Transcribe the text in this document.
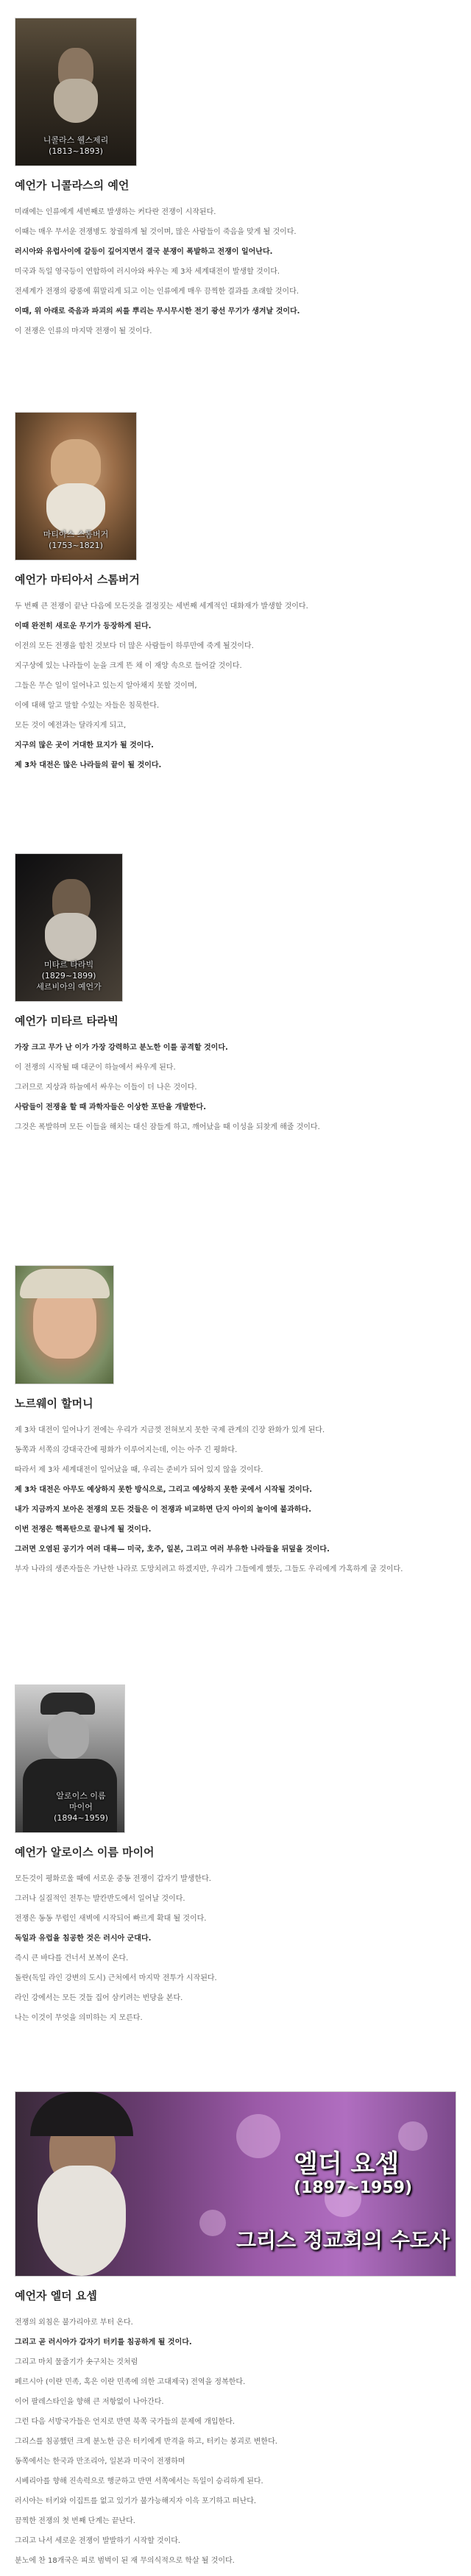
니콜라스 웰스제리
(1813~1893)
예언가 니콜라스의 예언
미래에는 인류에게 세번째로 발생하는 커다란 전쟁이 시작된다.
이때는 매우 무서운 전쟁병도 창궐하게 될 것이며, 많은 사람들이 죽음을 맞게 될 것이다.
러시아와 유럽사이에 갈등이 깊어지면서 결국 분쟁이 폭발하고 전쟁이 일어난다.
미국과 독일 영국등이 연합하여 러시아와 싸우는 제 3차 세계대전이 발생할 것이다.
전세계가 전쟁의 광풍에 휘말리게 되고 이는 인류에게 매우 끔찍한 결과를 초래할 것이다.
이때, 위 아래로 죽음과 파괴의 씨를 뿌리는 무시무시한 전기 광선 무기가 생겨날 것이다.
이 전쟁은 인류의 마지막 전쟁이 될 것이다.
마티아스 스톰버거
(1753~1821)
예언가 마티아서 스톰버거
두 번째 큰 전쟁이 끝난 다음에 모든것을 결정짓는 세번째 세계적인 대화재가 발생할 것이다.
이때 완전히 새로운 무기가 등장하게 된다.
이전의 모든 전쟁을 합친 것보다 더 많은 사람들이 하루만에 죽게 될것이다.
지구상에 있는 나라들이 눈을 크게 뜬 채 이 재앙 속으로 들어갈 것이다.
그들은 무슨 일이 일어나고 있는지 알아채지 못할 것이며,
이에 대해 알고 말할 수있는 자들은 침묵한다.
모든 것이 예전과는 달라지게 되고,
지구의 많은 곳이 거대한 묘지가 될 것이다.
제 3차 대전은 많은 나라들의 끝이 될 것이다.
미타르 타라빅
(1829~1899)
세르비아의 예언가
예언가 미타르 타라빅
가장 크고 무가 난 이가 가장 강력하고 분노한 이를 공격할 것이다.
이 전쟁의 시작될 때 대군이 하늘에서 싸우게 된다.
그러므로 지상과 하늘에서 싸우는 이들이 더 나은 것이다.
사람들이 전쟁을 할 때 과학자들은 이상한 포탄을 개발한다.
그것은 폭발하며 모든 이들을 해치는 대신 잠들게 하고, 깨어났을 때 이성을 되찾게 해줄 것이다.
노르웨이 할머니
제 3차 대전이 일어나기 전에는 우리가 지금껏 전혀보지 못한 국제 관계의 긴장 완화가 있게 된다.
동쪽과 서쪽의 강대국간에 평화가 이루어지는데, 이는 아주 긴 평화다.
따라서 제 3차 세계대전이 일어났을 때, 우리는 준비가 되어 있지 않을 것이다.
제 3차 대전은 아무도 예상하지 못한 방식으로, 그리고 예상하지 못한 곳에서 시작될 것이다.
내가 지금까지 보아온 전쟁의 모든 것들은 이 전쟁과 비교하면 단지 아이의 놀이에 불과하다.
이번 전쟁은 핵폭탄으로 끝나게 될 것이다.
그러면 오염된 공기가 여러 대륙— 미국, 호주, 일본, 그리고 여러 부유한 나라들을 뒤덮을 것이다.
부자 나라의 생존자들은 가난한 나라로 도망치려고 하겠지만, 우리가 그들에게 했듯, 그들도 우리에게 가혹하게 굴 것이다.
알로이스 이름
마이어
(1894~1959)
예언가 알로이스 이름 마이어
모든것이 평화로울 때에 서로운 중동 전쟁이 갑자기 발생한다.
그러나 실질적인 전투는 발칸반도에서 일어날 것이다.
전쟁은 동동 무렵인 새벽에 시작되어 빠르게 확대 될 것이다.
독일과 유럽을 침공한 것은 러시아 군대다.
즉시 큰 바다를 건너서 보복이 온다.
돌란(독일 라인 강변의 도시) 근처에서 마지막 전투가 시작된다.
라인 강에서는 모든 것들 집어 삼키려는 번당을 본다.
나는 이것이 무엇을 의미하는 지 모른다.
엘더 요셉
(1897~1959)
그리스 정교회의 수도사
예언자 엘더 요셉
전쟁의 외침은 불가리아로 부터 온다.
그리고 곧 러시아가 갑자기 터키를 침공하게 될 것이다.
그리고 마치 물줄기가 솟구치는 것처럼
페르시아 (이란 민족, 혹은 이란 민족에 의한 고대제국) 전역을 정복한다.
이어 팔레스타인을 향해 큰 저항없이 나아간다.
그런 다음 서방국가들은 언지로 반면 북쪽 국가들의 문제에 개입한다.
그리스를 침공했던 크게 분노한 금은 터키에게 반격을 하고, 터키는 붕괴로 변한다.
동쪽에서는 한국과 만조리아, 일본과 미국이 전쟁하며
시베리아를 향해 진속력으로 행군하고 반면 서쪽에서는 독일이 승리하게 된다.
러시아는 터키와 이집트를 없고 있기가 불가능해지자 이윽 포기하고 떠난다.
끔찍한 전쟁의 첫 번째 단계는 끝난다.
그리고 나서 세로운 전쟁이 발발하기 시작할 것이다.
분노에 찬 18개국은 피로 범벅이 된 재 무의식적으로 학살 될 것이다.
